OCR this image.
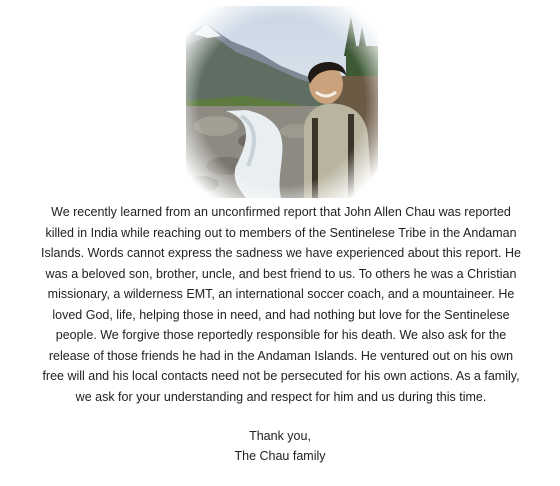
We recently learned from an unconfirmed report that John Allen Chau was reported killed in India while reaching out to members of the Sentinelese Tribe in the Andaman Islands. Words cannot express the sadness we have experienced about this report. He was a beloved son, brother, uncle, and best friend to us. To others he was a Christian missionary, a wilderness EMT, an international soccer coach, and a mountaineer. He loved God, life, helping those in need, and had nothing but love for the Sentinelese people. We forgive those reportedly responsible for his death. We also ask for the release of those friends he had in the Andaman Islands. He ventured out on his own free will and his local contacts need not be persecuted for his own actions. As a family, we ask for your understanding and respect for him and us during this time.

Thank you,
The Chau family
